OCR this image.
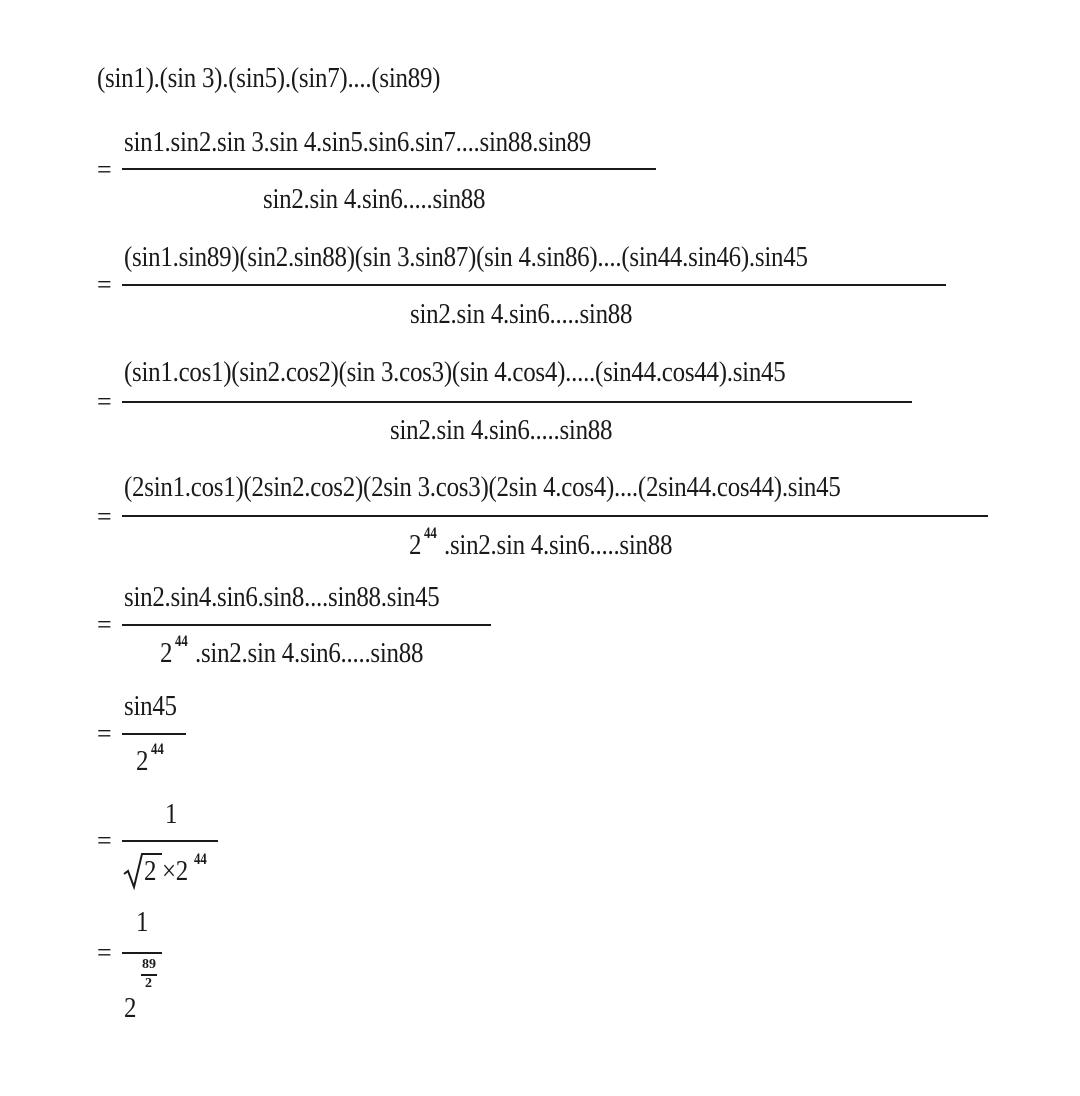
(sin1).(sin 3).(sin5).(sin7)....(sin89)
=
sin1.sin2.sin 3.sin 4.sin5.sin6.sin7....sin88.sin89
sin2.sin 4.sin6.....sin88
=
(sin1.sin89)(sin2.sin88)(sin 3.sin87)(sin 4.sin86)....(sin44.sin46).sin45
sin2.sin 4.sin6.....sin88
=
(sin1.cos1)(sin2.cos2)(sin 3.cos3)(sin 4.cos4).....(sin44.cos44).sin45
sin2.sin 4.sin6.....sin88
=
(2sin1.cos1)(2sin2.cos2)(2sin 3.cos3)(2sin 4.cos4)....(2sin44.cos44).sin45
2 44 .sin2.sin 4.sin6.....sin88
=
sin2.sin4.sin6.sin8....sin88.sin45
2 44 .sin2.sin 4.sin6.....sin88
=
sin45
2 44
=
1
2 ×2 44
=
1
2
89
2
